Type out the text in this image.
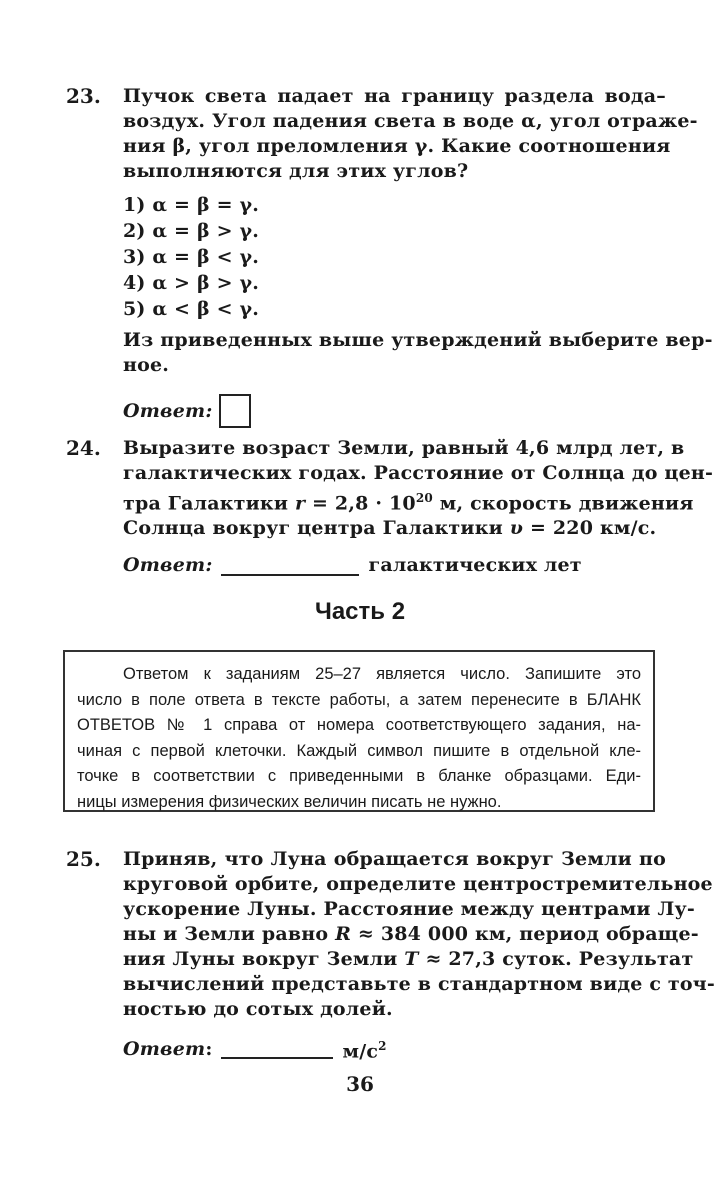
23. Пучок света падает на границу раздела вода–
воздух. Угол падения света в воде α, угол отраже-
ния β, угол преломления γ. Какие соотношения
выполняются для этих углов?
1) α = β = γ.
2) α = β > γ.
3) α = β < γ.
4) α > β > γ.
5) α < β < γ.
Из приведенных выше утверждений выберите вер-
ное.
Ответ:
24. Выразите возраст Земли, равный 4,6 млрд лет, в
галактических годах. Расстояние от Солнца до цен-
тра Галактики $r = 2,8 \cdot 10^{20}$ м, скорость движения
Солнца вокруг центра Галактики υ = 220 км/с.
Ответ:	галактических лет
Часть 2
Ответом к заданиям 25–27 является число. Запишите это
число в поле ответа в тексте работы, а затем перенесите в БЛАНК
ОТВЕТОВ № 1 справа от номера соответствующего задания, на-
чиная с первой клеточки. Каждый символ пишите в отдельной кле-
точке в соответствии с приведенными в бланке образцами. Еди-
ницы измерения физических величин писать не нужно.
25. Приняв, что Луна обращается вокруг Земли по
круговой орбите, определите центростремительное
ускорение Луны. Расстояние между центрами Лу-
ны и Земли равно R ≈ 384 000 км, период обраще-
ния Луны вокруг Земли T ≈ 27,3 суток. Результат
вычислений представьте в стандартном виде с точ-
ностью до сотых долей.
Ответ:	$м/с^2$
36
